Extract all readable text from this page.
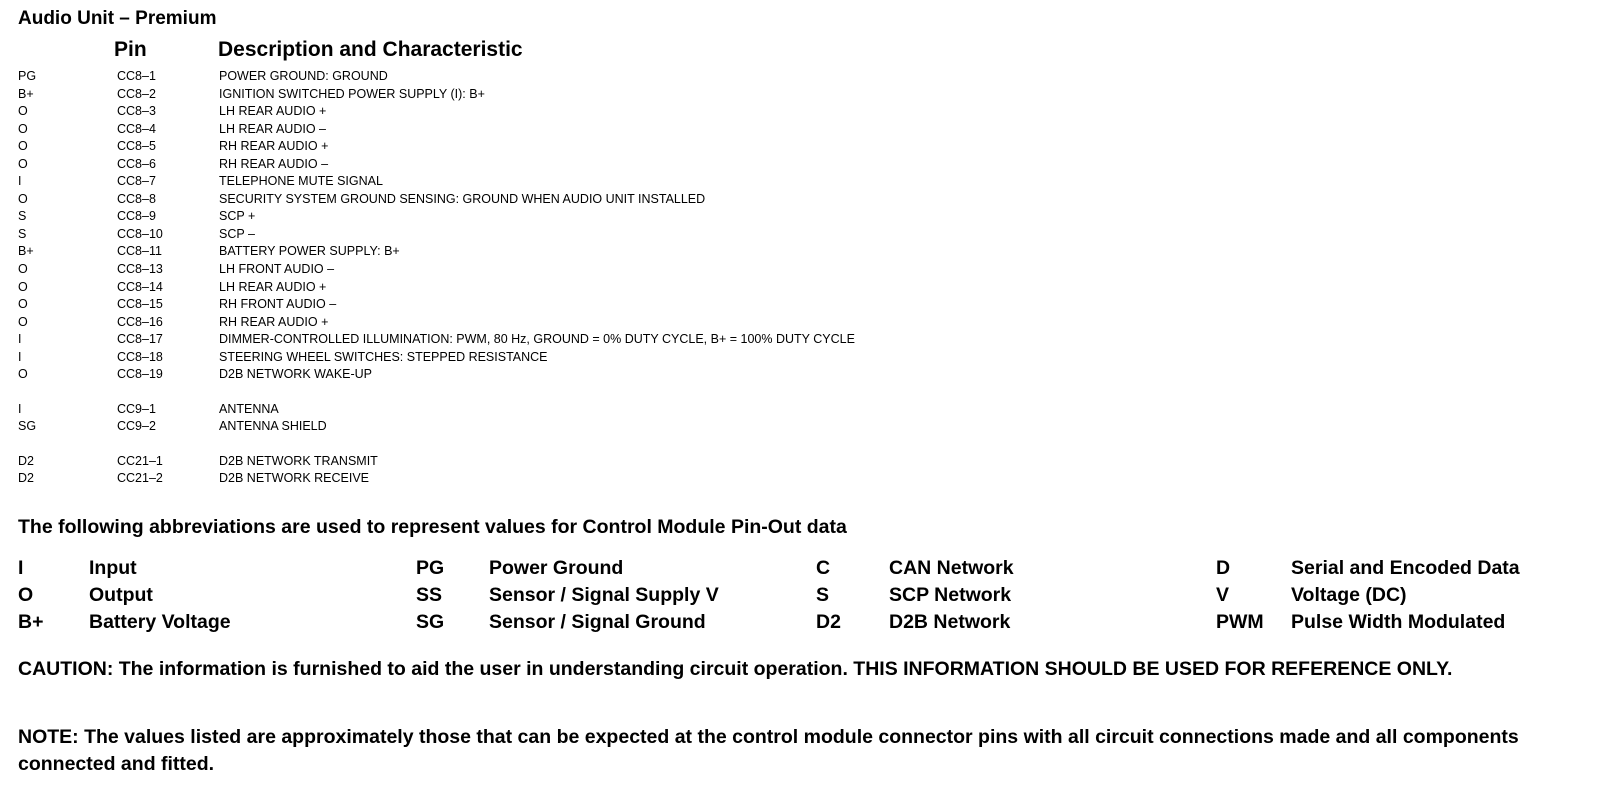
Audio Unit – Premium
Pin	Description and Characteristic
PG	CC8–1	POWER GROUND: GROUND
B+	CC8–2	IGNITION SWITCHED POWER SUPPLY (I): B+
O	CC8–3	LH REAR AUDIO +
O	CC8–4	LH REAR AUDIO –
O	CC8–5	RH REAR AUDIO +
O	CC8–6	RH REAR AUDIO –
I	CC8–7	TELEPHONE MUTE SIGNAL
O	CC8–8	SECURITY SYSTEM GROUND SENSING: GROUND WHEN AUDIO UNIT INSTALLED
S	CC8–9	SCP +
S	CC8–10	SCP –
B+	CC8–11	BATTERY POWER SUPPLY: B+
O	CC8–13	LH FRONT AUDIO –
O	CC8–14	LH REAR AUDIO +
O	CC8–15	RH FRONT AUDIO –
O	CC8–16	RH REAR AUDIO +
I	CC8–17	DIMMER-CONTROLLED ILLUMINATION: PWM, 80 Hz, GROUND = 0% DUTY CYCLE, B+ = 100% DUTY CYCLE
I	CC8–18	STEERING WHEEL SWITCHES: STEPPED RESISTANCE
O	CC8–19	D2B NETWORK WAKE-UP
I	CC9–1	ANTENNA
SG	CC9–2	ANTENNA SHIELD
D2	CC21–1	D2B NETWORK TRANSMIT
D2	CC21–2	D2B NETWORK RECEIVE
The following abbreviations are used to represent values for Control Module Pin-Out data
I	Input	PG Power Ground	C	CAN Network	D	Serial and Encoded Data
O	Output	SS Sensor / Signal Supply V	S	SCP Network	V	Voltage (DC)
B+ Battery Voltage	SG Sensor / Signal Ground	D2 D2B Network	PWM Pulse Width Modulated
CAUTION: The information is furnished to aid the user in understanding circuit operation. THIS INFORMATION SHOULD BE USED FOR REFERENCE ONLY.
NOTE: The values listed are approximately those that can be expected at the control module connector pins with all circuit connections made and all components connected and fitted.
